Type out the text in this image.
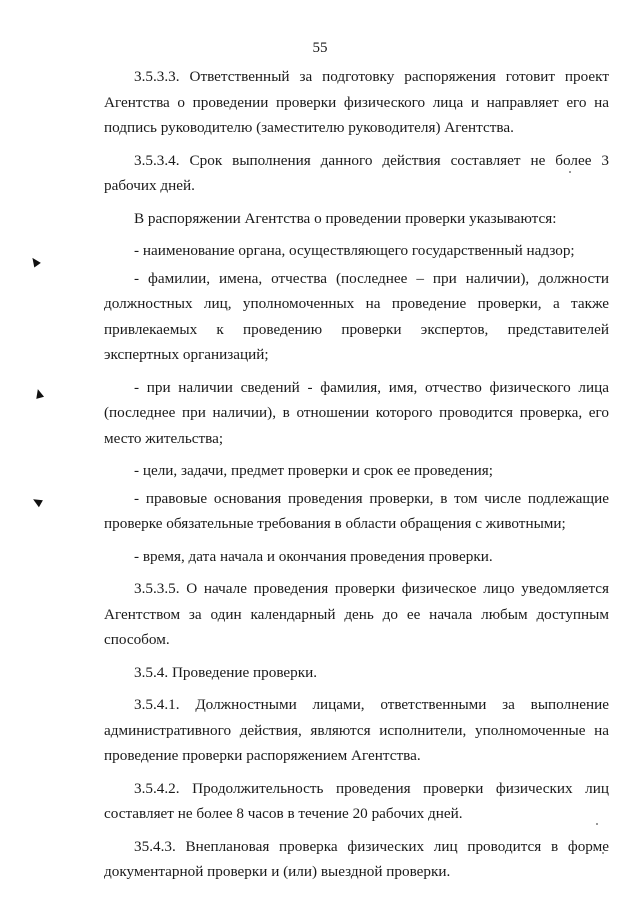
55

3.5.3.3. Ответственный за подготовку распоряжения готовит проект Агентства о проведении проверки физического лица и направляет его на подпись руководителю (заместителю руководителя) Агентства.

3.5.3.4. Срок выполнения данного действия составляет не более 3 рабочих дней.

В распоряжении Агентства о проведении проверки указываются:

- наименование органа, осуществляющего государственный надзор;

- фамилии, имена, отчества (последнее – при наличии), должности должностных лиц, уполномоченных на проведение проверки, а также привлекаемых к проведению проверки экспертов, представителей экспертных организаций;

- при наличии сведений - фамилия, имя, отчество физического лица (последнее при наличии), в отношении которого проводится проверка, его место жительства;

- цели, задачи, предмет проверки и срок ее проведения;

- правовые основания проведения проверки, в том числе подлежащие проверке обязательные требования в области обращения с животными;

- время, дата начала и окончания проведения проверки.

3.5.3.5. О начале проведения проверки физическое лицо уведомляется Агентством за один календарный день до ее начала любым доступным способом.

3.5.4. Проведение проверки.

3.5.4.1. Должностными лицами, ответственными за выполнение административного действия, являются исполнители, уполномоченные на проведение проверки распоряжением Агентства.

3.5.4.2. Продолжительность проведения проверки физических лиц составляет не более 8 часов в течение 20 рабочих дней.

35.4.3. Внеплановая проверка физических лиц проводится в форме документарной проверки и (или) выездной проверки.
